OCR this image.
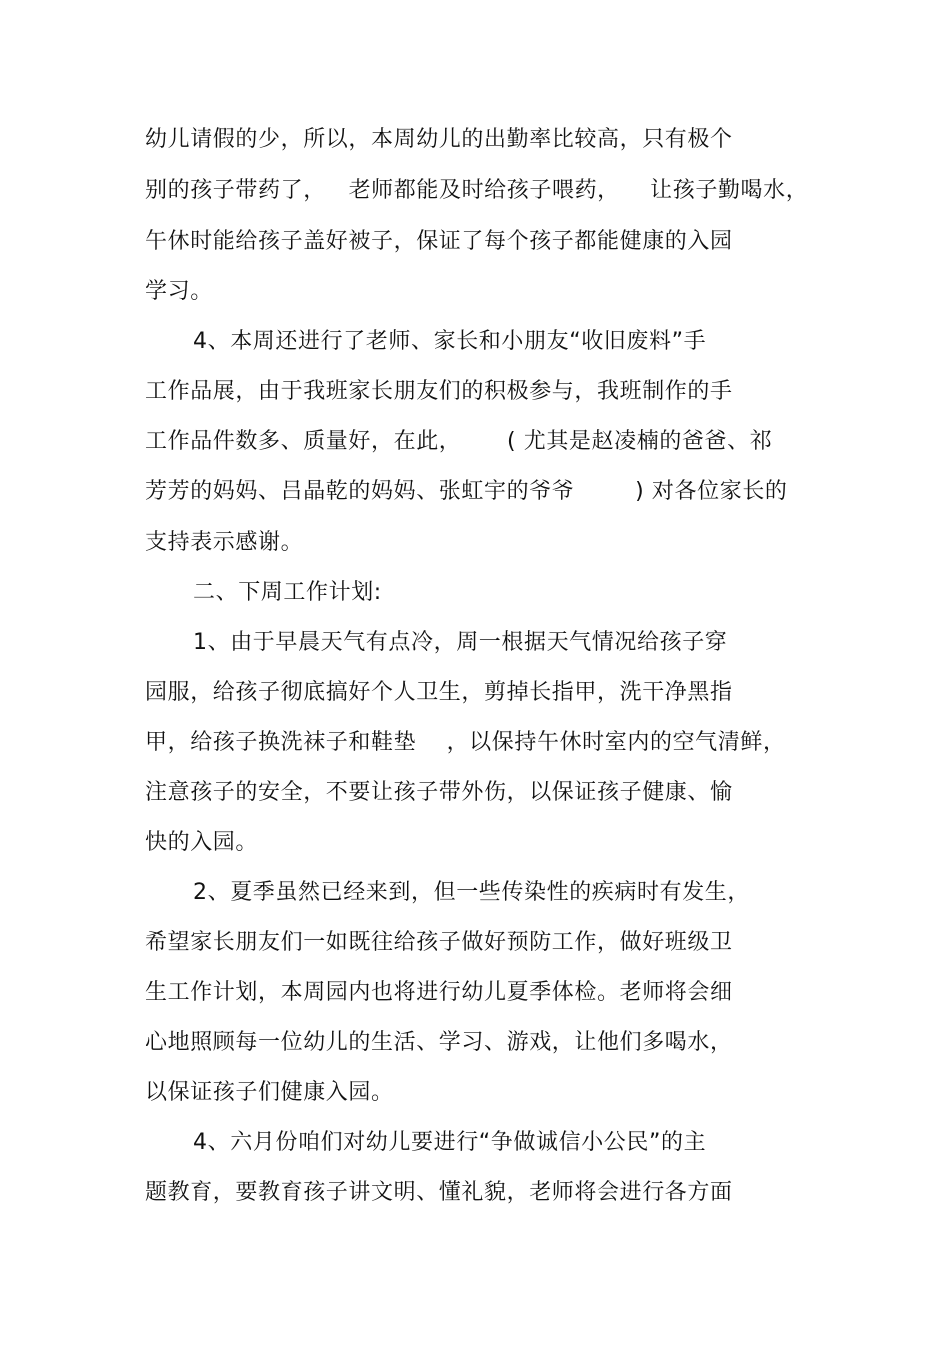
幼儿请假的少，所以，本周幼儿的出勤率比较高，只有极个
别的孩子带药了，   老师都能及时给孩子喂药，    让孩子勤喝水，
午休时能给孩子盖好被子，保证了每个孩子都能健康的入园
学习。
4、本周还进行了老师、家长和小朋友“收旧废料”手
工作品展，由于我班家长朋友们的积极参与，我班制作的手
工作品件数多、质量好，在此，      ( 尤其是赵凌楠的爸爸、祁
芳芳的妈妈、吕晶乾的妈妈、张虹宇的爷爷        ) 对各位家长的
支持表示感谢。
二、下周工作计划:
1、由于早晨天气有点冷，周一根据天气情况给孩子穿
园服，给孩子彻底搞好个人卫生，剪掉长指甲，洗干净黑指
甲，给孩子换洗袜子和鞋垫    ，以保持午休时室内的空气清鲜，
注意孩子的安全，不要让孩子带外伤，以保证孩子健康、愉
快的入园。
2、夏季虽然已经来到，但一些传染性的疾病时有发生，
希望家长朋友们一如既往给孩子做好预防工作，做好班级卫
生工作计划，本周园内也将进行幼儿夏季体检。老师将会细
心地照顾每一位幼儿的生活、学习、游戏，让他们多喝水，
以保证孩子们健康入园。
4、六月份咱们对幼儿要进行“争做诚信小公民”的主
题教育，要教育孩子讲文明、懂礼貌，老师将会进行各方面
